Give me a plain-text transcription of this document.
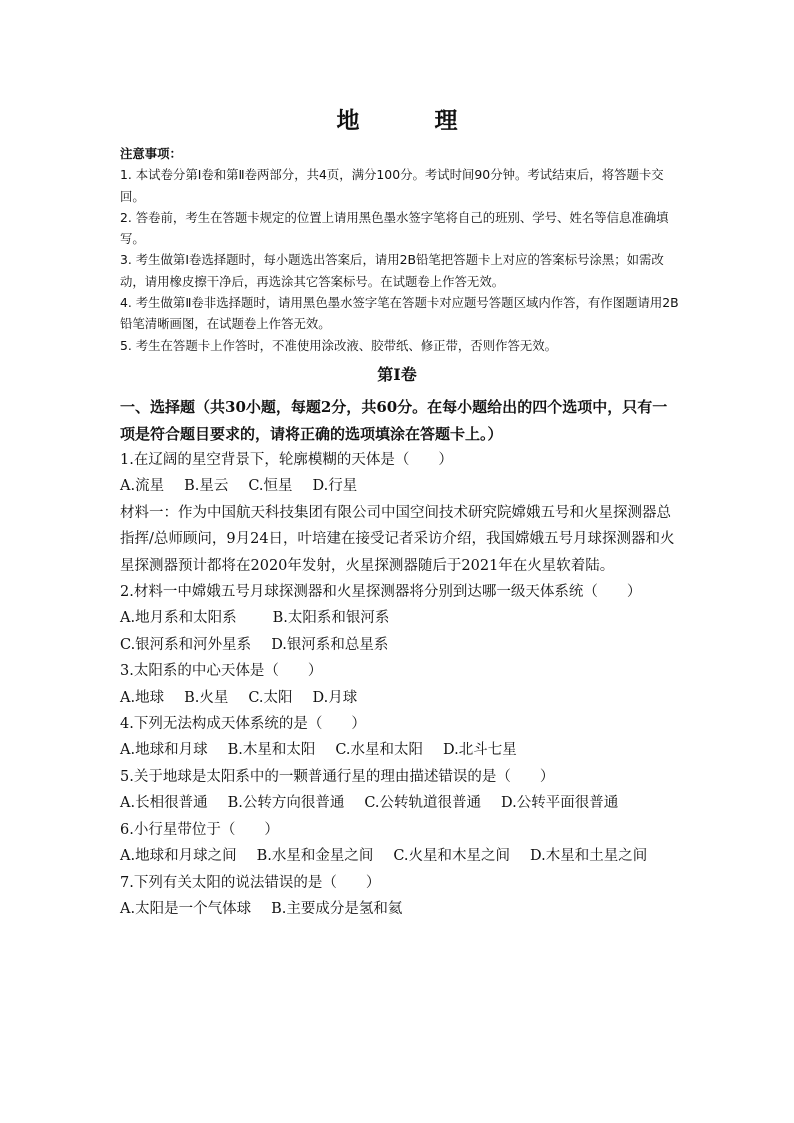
地　理

注意事项：

1. 本试卷分第Ⅰ卷和第Ⅱ卷两部分，共4页，满分100分。考试时间90分钟。考试结束后，将答题卡交回。

2. 答卷前，考生在答题卡规定的位置上请用黑色墨水签字笔将自己的班别、学号、姓名等信息准确填写。

3. 考生做第Ⅰ卷选择题时，每小题选出答案后，请用2B铅笔把答题卡上对应的答案标号涂黑；如需改动，请用橡皮擦干净后，再选涂其它答案标号。在试题卷上作答无效。

4. 考生做第Ⅱ卷非选择题时，请用黑色墨水签字笔在答题卡对应题号答题区域内作答，有作图题请用2B铅笔清晰画图，在试题卷上作答无效。

5. 考生在答题卡上作答时，不准使用涂改液、胶带纸、修正带，否则作答无效。

第Ⅰ卷

一、选择题（共30小题，每题2分，共60分。在每小题给出的四个选项中，只有一项是符合题目要求的，请将正确的选项填涂在答题卡上。）

1.在辽阔的星空背景下，轮廓模糊的天体是（　　）

A.流星 B.星云 C.恒星 D.行星

材料一：作为中国航天科技集团有限公司中国空间技术研究院嫦娥五号和火星探测器总指挥/总师顾问，9月24日，叶培建在接受记者采访介绍，我国嫦娥五号月球探测器和火星探测器预计都将在2020年发射，火星探测器随后于2021年在火星软着陆。

2.材料一中嫦娥五号月球探测器和火星探测器将分别到达哪一级天体系统（　　）

A.地月系和太阳系 B.太阳系和银河系

C.银河系和河外星系 D.银河系和总星系

3.太阳系的中心天体是（　　）

A.地球 B.火星 C.太阳 D.月球

4.下列无法构成天体系统的是（　　）

A.地球和月球 B.木星和太阳 C.水星和太阳 D.北斗七星

5.关于地球是太阳系中的一颗普通行星的理由描述错误的是（　　）

A.长相很普通 B.公转方向很普通 C.公转轨道很普通 D.公转平面很普通

6.小行星带位于（　　）

A.地球和月球之间 B.水星和金星之间 C.火星和木星之间 D.木星和土星之间

7.下列有关太阳的说法错误的是（　　）

A.太阳是一个气体球 B.主要成分是氢和氦
